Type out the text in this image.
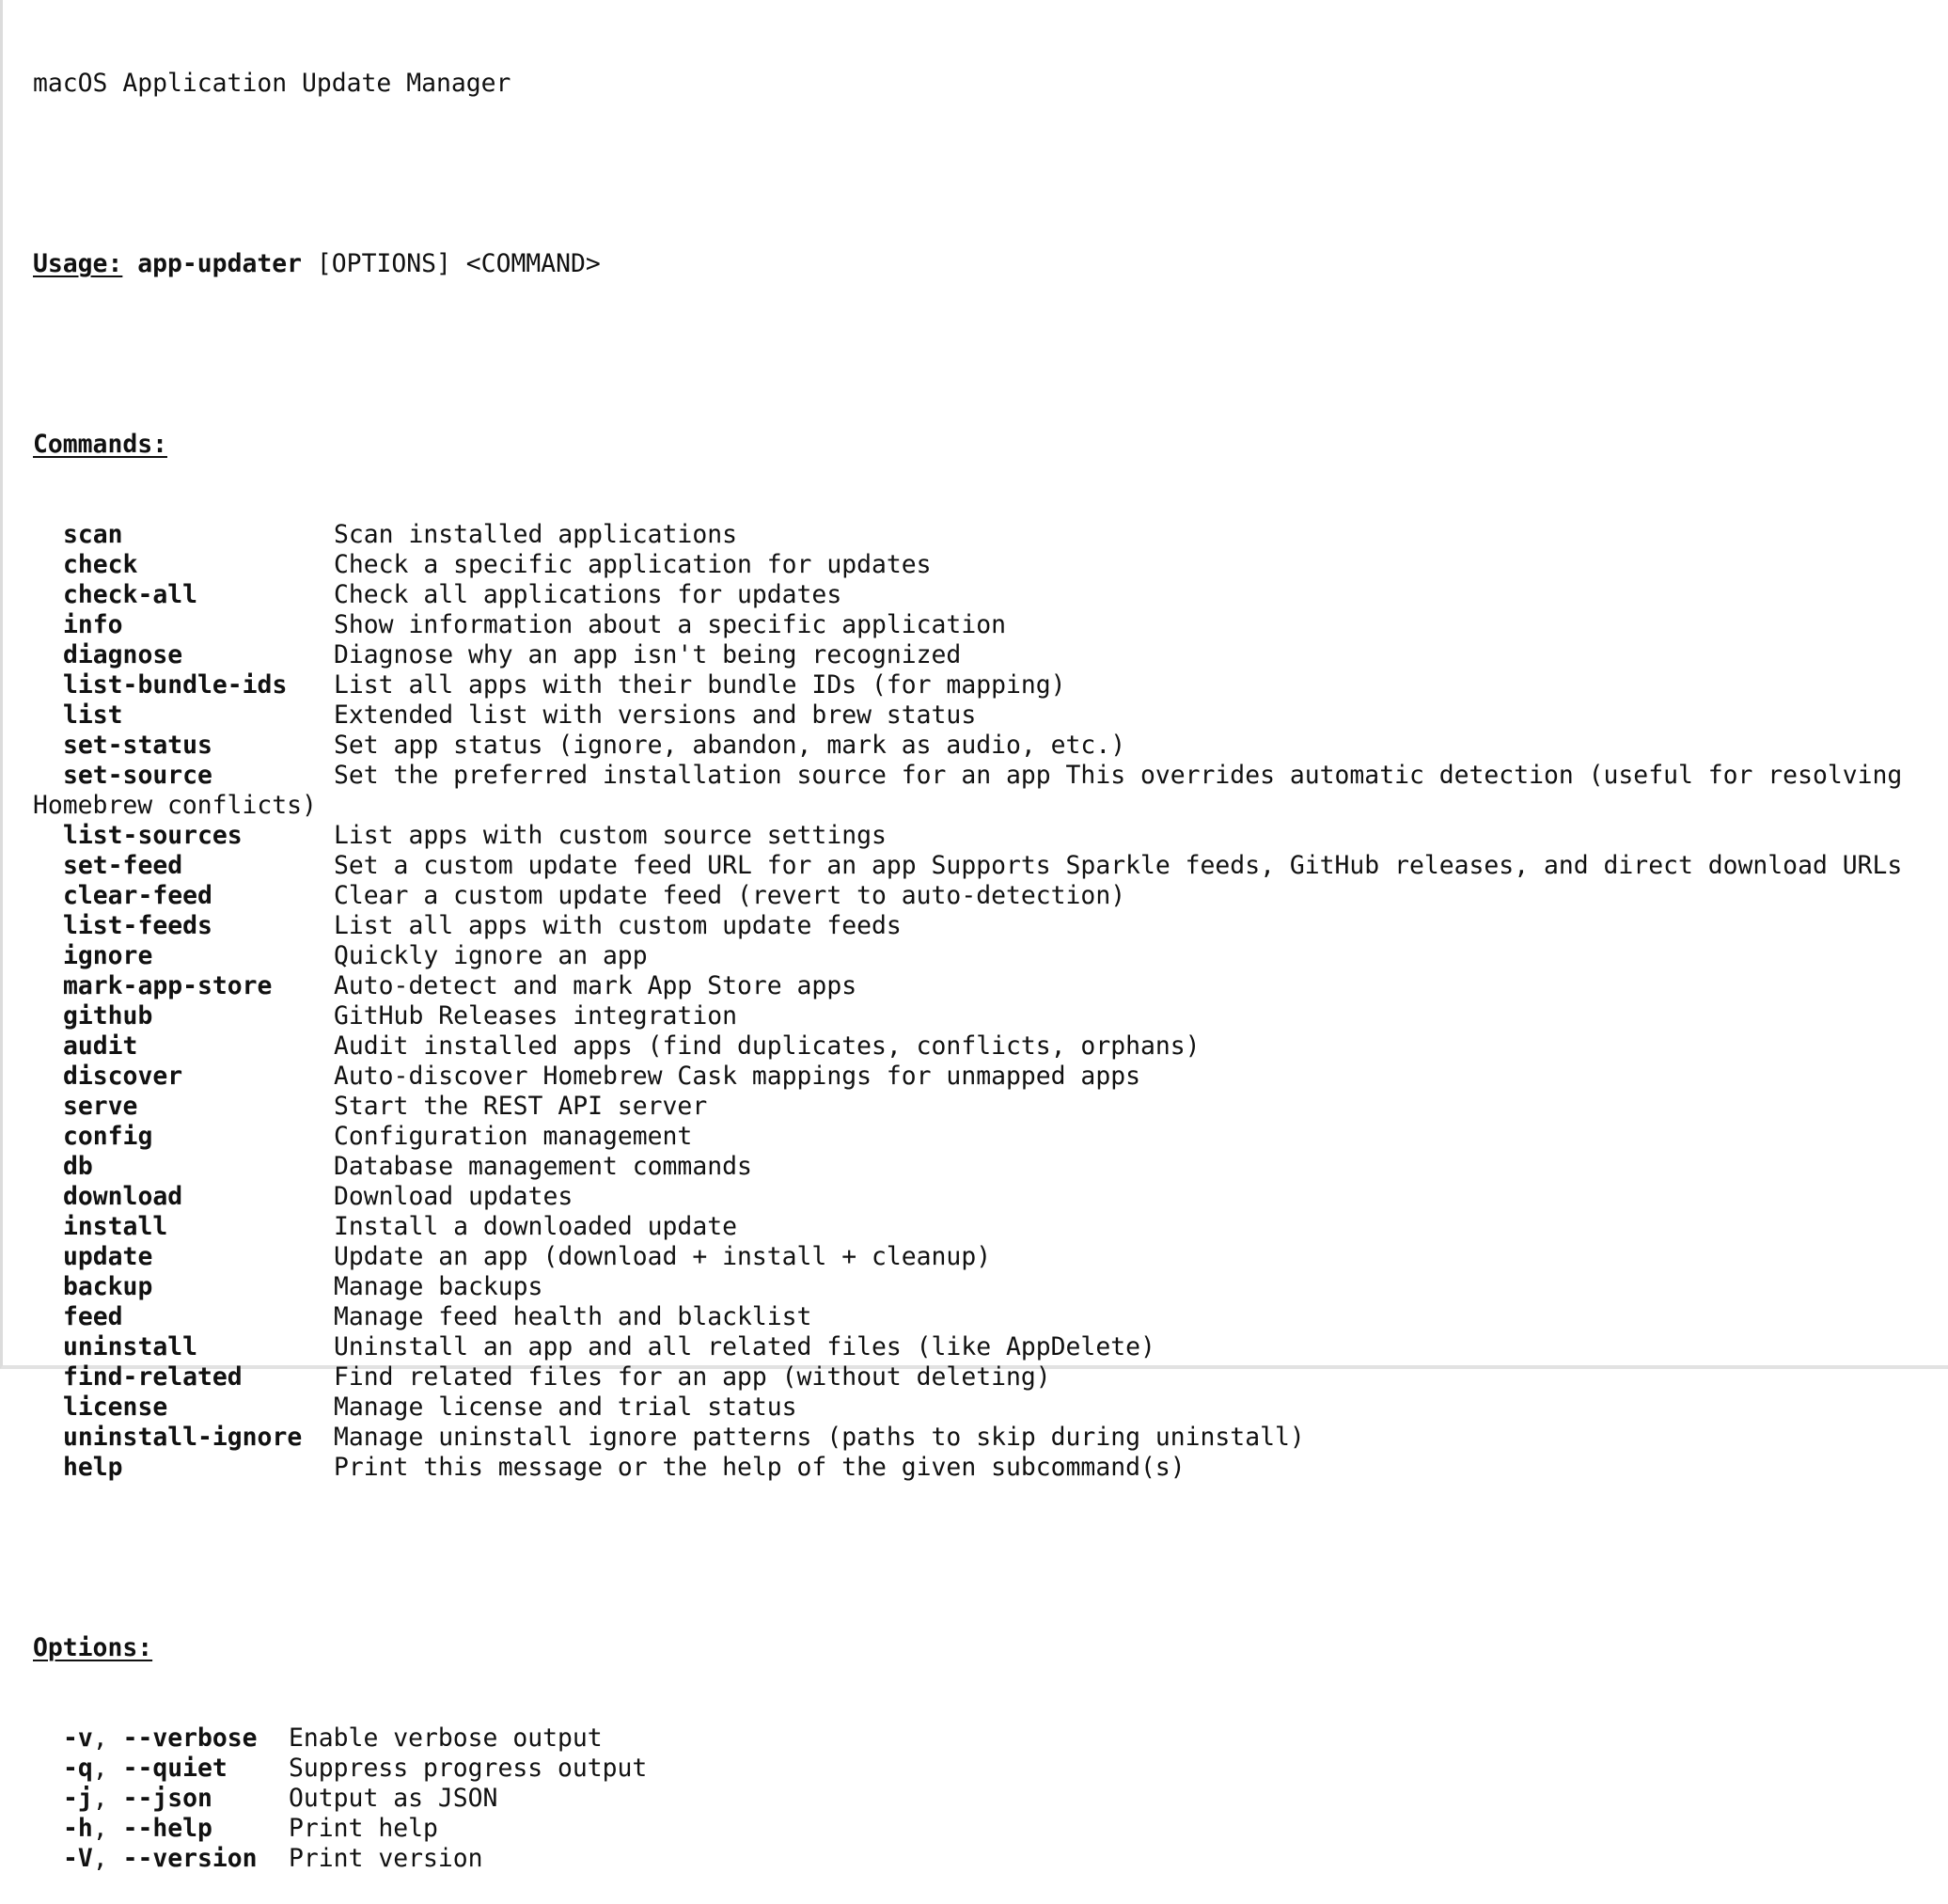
macOS Application Update Manager

Usage: app-updater [OPTIONS] <COMMAND>

Commands:

scan	Scan installed applications
check	Check a specific application for updates
check-all	Check all applications for updates
info	Show information about a specific application
diagnose	Diagnose why an app isn't being recognized
list-bundle-ids	List all apps with their bundle IDs (for mapping)
list	Extended list with versions and brew status
set-status	Set app status (ignore, abandon, mark as audio, etc.)
set-source	Set the preferred installation source for an app This overrides automatic detection (useful for resolving
Homebrew conflicts)
list-sources	List apps with custom source settings
set-feed	Set a custom update feed URL for an app Supports Sparkle feeds, GitHub releases, and direct download URLs
clear-feed	Clear a custom update feed (revert to auto-detection)
list-feeds	List all apps with custom update feeds
ignore	Quickly ignore an app
mark-app-store	Auto-detect and mark App Store apps
github	GitHub Releases integration
audit	Audit installed apps (find duplicates, conflicts, orphans)
discover	Auto-discover Homebrew Cask mappings for unmapped apps
serve	Start the REST API server
config	Configuration management
db	Database management commands
download	Download updates
install	Install a downloaded update
update	Update an app (download + install + cleanup)
backup	Manage backups
feed	Manage feed health and blacklist
uninstall	Uninstall an app and all related files (like AppDelete)
find-related	Find related files for an app (without deleting)
license	Manage license and trial status
uninstall-ignore	Manage uninstall ignore patterns (paths to skip during uninstall)
help	Print this message or the help of the given subcommand(s)

Options:

-v, --verbose	Enable verbose output
-q, --quiet	Suppress progress output
-j, --json	Output as JSON
-h, --help	Print help
-V, --version	Print version
